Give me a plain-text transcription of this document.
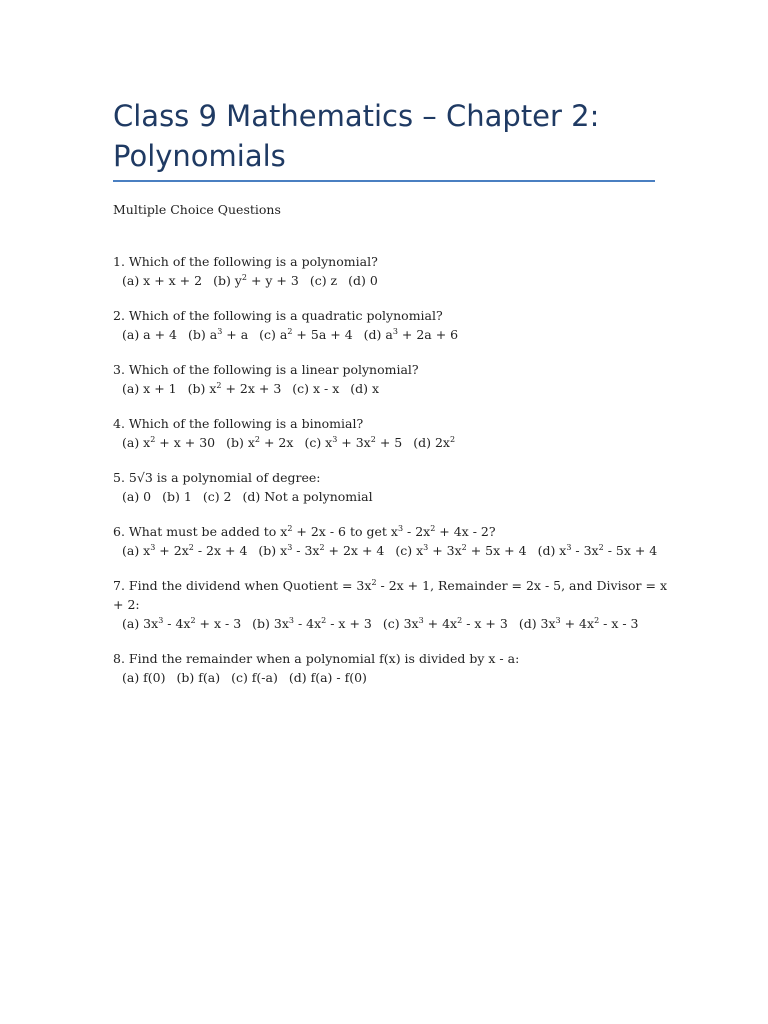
Class 9 Mathematics – Chapter 2: Polynomials
Multiple Choice Questions
1. Which of the following is a polynomial?
(a) x + x + 2 (b) $y^2 + y + 3$ (c) z (d) 0
2. Which of the following is a quadratic polynomial?
(a) a + 4 (b) $a^3 + a$ (c) $a^2 + 5a + 4$ (d) $a^3 + 2a + 6$
3. Which of the following is a linear polynomial?
(a) x + 1 (b) $x^2 + 2x + 3$ (c) x - x (d) x
4. Which of the following is a binomial?
(a) $x^2 + x + 30$ (b) $x^2 + 2x$ (c) $x^3 + 3x^2 + 5$ (d) $2x^2$
5. 5√3 is a polynomial of degree:
(a) 0 (b) 1 (c) 2 (d) Not a polynomial
6. What must be added to $x^2 + 2x - 6$ to get $x^3 - 2x^2 + 4x - 2$?
(a) $x^3 + 2x^2 - 2x + 4$ (b) $x^3 - 3x^2 + 2x + 4$ (c) $x^3 + 3x^2 + 5x + 4$ (d) $x^3 - 3x^2 - 5x + 4$
7. Find the dividend when Quotient = $3x^2 - 2x + 1$, Remainder = 2x - 5, and Divisor = x + 2:
(a) $3x^3 - 4x^2 + x - 3$ (b) $3x^3 - 4x^2 - x + 3$ (c) $3x^3 + 4x^2 - x + 3$ (d) $3x^3 + 4x^2 - x - 3$
8. Find the remainder when a polynomial f(x) is divided by x - a:
(a) f(0) (b) f(a) (c) f(-a) (d) f(a) - f(0)
